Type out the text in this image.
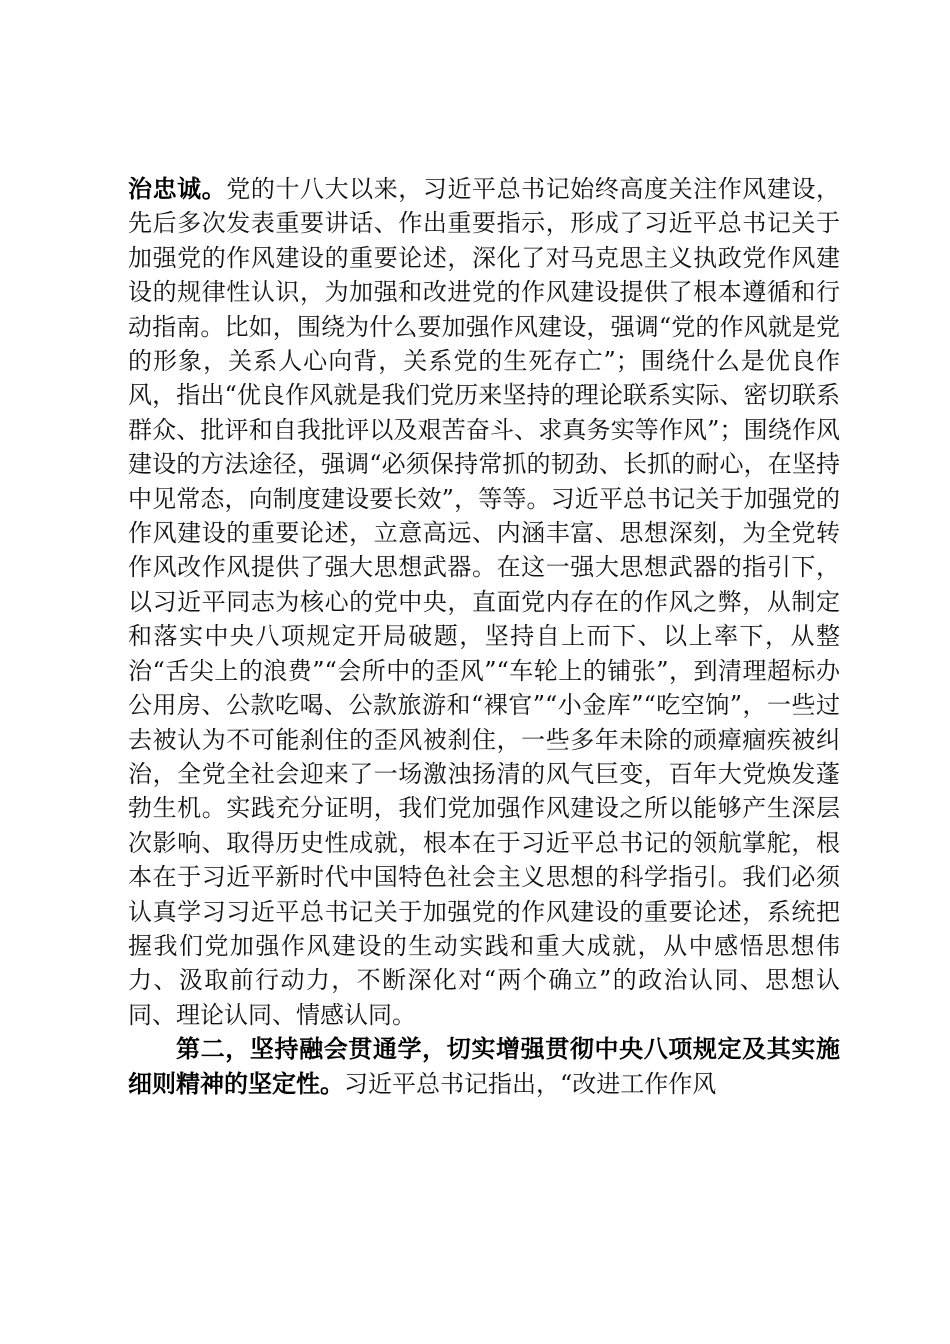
治忠诚。党的十八大以来，习近平总书记始终高度关注作风建设，先后多次发表重要讲话、作出重要指示，形成了习近平总书记关于加强党的作风建设的重要论述，深化了对马克思主义执政党作风建设的规律性认识，为加强和改进党的作风建设提供了根本遵循和行动指南。比如，围绕为什么要加强作风建设，强调“党的作风就是党的形象，关系人心向背，关系党的生死存亡”；围绕什么是优良作风，指出“优良作风就是我们党历来坚持的理论联系实际、密切联系群众、批评和自我批评以及艰苦奋斗、求真务实等作风”；围绕作风建设的方法途径，强调“必须保持常抓的韧劲、长抓的耐心，在坚持中见常态，向制度建设要长效”，等等。习近平总书记关于加强党的作风建设的重要论述，立意高远、内涵丰富、思想深刻，为全党转作风改作风提供了强大思想武器。在这一强大思想武器的指引下，以习近平同志为核心的党中央，直面党内存在的作风之弊，从制定和落实中央八项规定开局破题，坚持自上而下、以上率下，从整治“舌尖上的浪费”“会所中的歪风”“车轮上的铺张”，到清理超标办公用房、公款吃喝、公款旅游和“裸官”“小金库”“吃空饷”，一些过去被认为不可能刹住的歪风被刹住，一些多年未除的顽瘴痼疾被纠治，全党全社会迎来了一场激浊扬清的风气巨变，百年大党焕发蓬勃生机。实践充分证明，我们党加强作风建设之所以能够产生深层次影响、取得历史性成就，根本在于习近平总书记的领航掌舵，根本在于习近平新时代中国特色社会主义思想的科学指引。我们必须认真学习习近平总书记关于加强党的作风建设的重要论述，系统把握我们党加强作风建设的生动实践和重大成就，从中感悟思想伟力、汲取前行动力，不断深化对“两个确立”的政治认同、思想认同、理论认同、情感认同。

第二，坚持融会贯通学，切实增强贯彻中央八项规定及其实施细则精神的坚定性。习近平总书记指出，“改进工作作风
